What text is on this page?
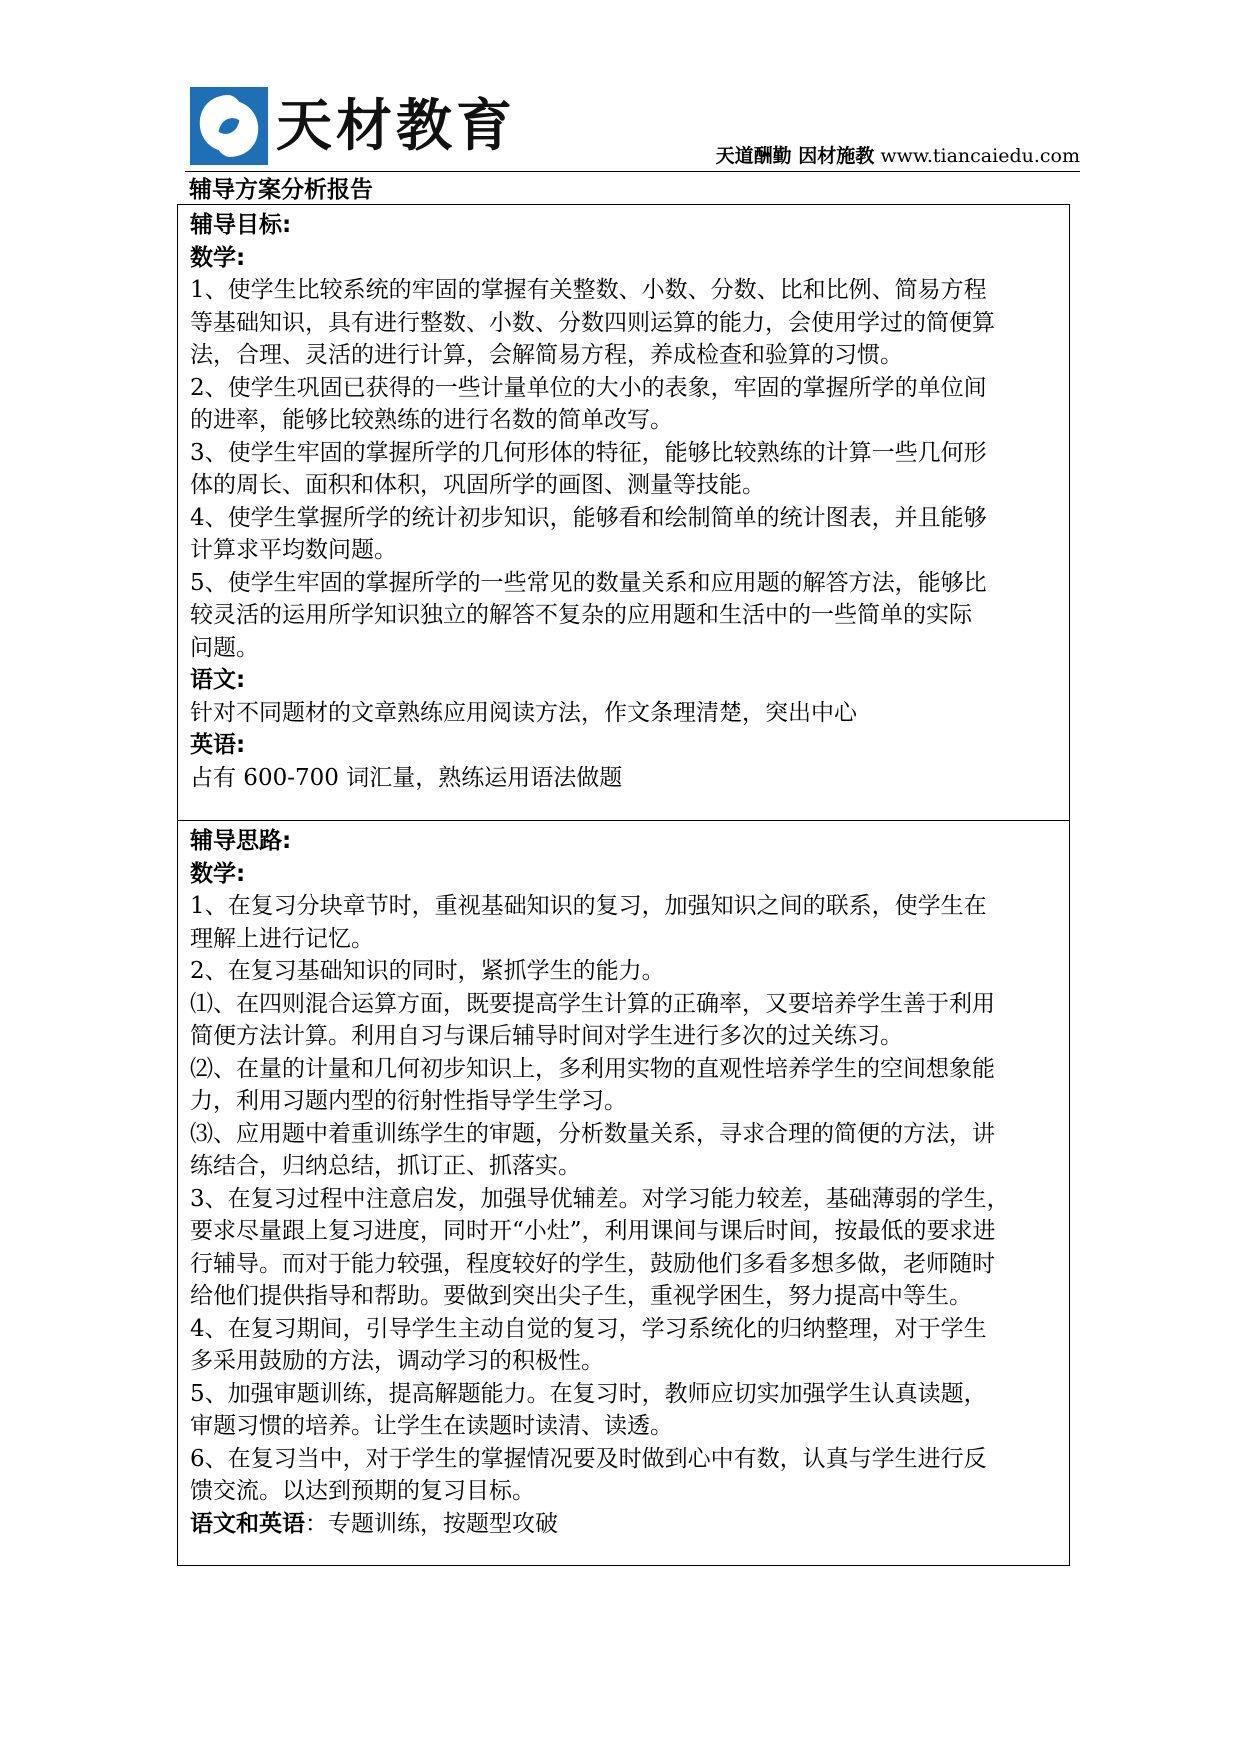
天材教育	天道酬勤 因材施教 www.tiancaiedu.com
辅导方案分析报告

辅导目标:

数学:

1、使学生比较系统的牢固的掌握有关整数、小数、分数、比和比例、简易方程

等基础知识，具有进行整数、小数、分数四则运算的能力，会使用学过的简便算

法，合理、灵活的进行计算，会解简易方程，养成检查和验算的习惯。

2、使学生巩固已获得的一些计量单位的大小的表象，牢固的掌握所学的单位间

的进率，能够比较熟练的进行名数的简单改写。

3、使学生牢固的掌握所学的几何形体的特征，能够比较熟练的计算一些几何形

体的周长、面积和体积，巩固所学的画图、测量等技能。

4、使学生掌握所学的统计初步知识，能够看和绘制简单的统计图表，并且能够

计算求平均数问题。

5、使学生牢固的掌握所学的一些常见的数量关系和应用题的解答方法，能够比

较灵活的运用所学知识独立的解答不复杂的应用题和生活中的一些简单的实际

问题。

语文:

针对不同题材的文章熟练应用阅读方法，作文条理清楚，突出中心

英语:

占有 600-700 词汇量，熟练运用语法做题

辅导思路:

数学:

1、在复习分块章节时，重视基础知识的复习，加强知识之间的联系，使学生在

理解上进行记忆。

2、在复习基础知识的同时，紧抓学生的能力。

⑴、在四则混合运算方面，既要提高学生计算的正确率，又要培养学生善于利用

简便方法计算。利用自习与课后辅导时间对学生进行多次的过关练习。

⑵、在量的计量和几何初步知识上，多利用实物的直观性培养学生的空间想象能

力，利用习题内型的衍射性指导学生学习。

⑶、应用题中着重训练学生的审题，分析数量关系，寻求合理的简便的方法，讲

练结合，归纳总结，抓订正、抓落实。

3、在复习过程中注意启发，加强导优辅差。对学习能力较差，基础薄弱的学生，

要求尽量跟上复习进度，同时开“小灶”，利用课间与课后时间，按最低的要求进

行辅导。而对于能力较强，程度较好的学生，鼓励他们多看多想多做，老师随时

给他们提供指导和帮助。要做到突出尖子生，重视学困生，努力提高中等生。

4、在复习期间，引导学生主动自觉的复习，学习系统化的归纳整理，对于学生

多采用鼓励的方法，调动学习的积极性。

5、加强审题训练，提高解题能力。在复习时，教师应切实加强学生认真读题，

审题习惯的培养。让学生在读题时读清、读透。

6、在复习当中，对于学生的掌握情况要及时做到心中有数，认真与学生进行反

馈交流。以达到预期的复习目标。

语文和英语：专题训练，按题型攻破
